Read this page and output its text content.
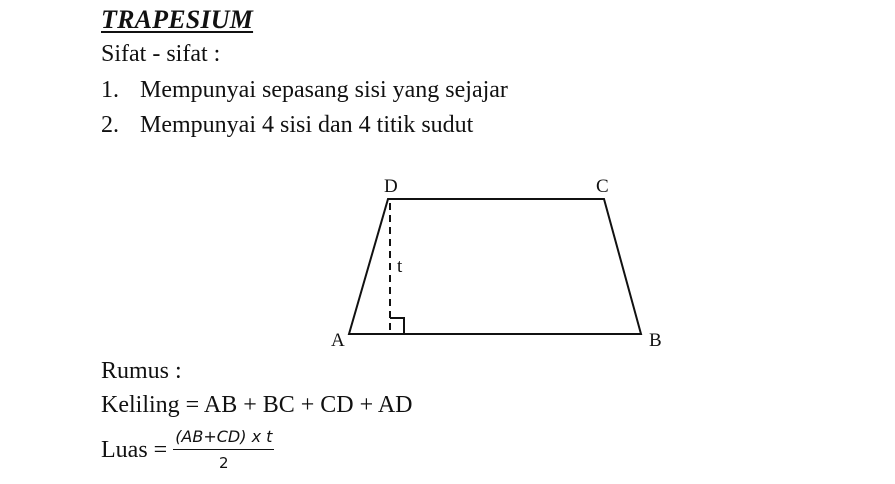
TRAPESIUM
Sifat - sifat :
1. Mempunyai sepasang sisi yang sejajar
2. Mempunyai 4 sisi dan 4 titik sudut
D	C
A	B
t
Rumus :
Keliling = AB + BC + CD + AD
Luas = $\frac{\text{(AB+CD) x t}}{2}$
